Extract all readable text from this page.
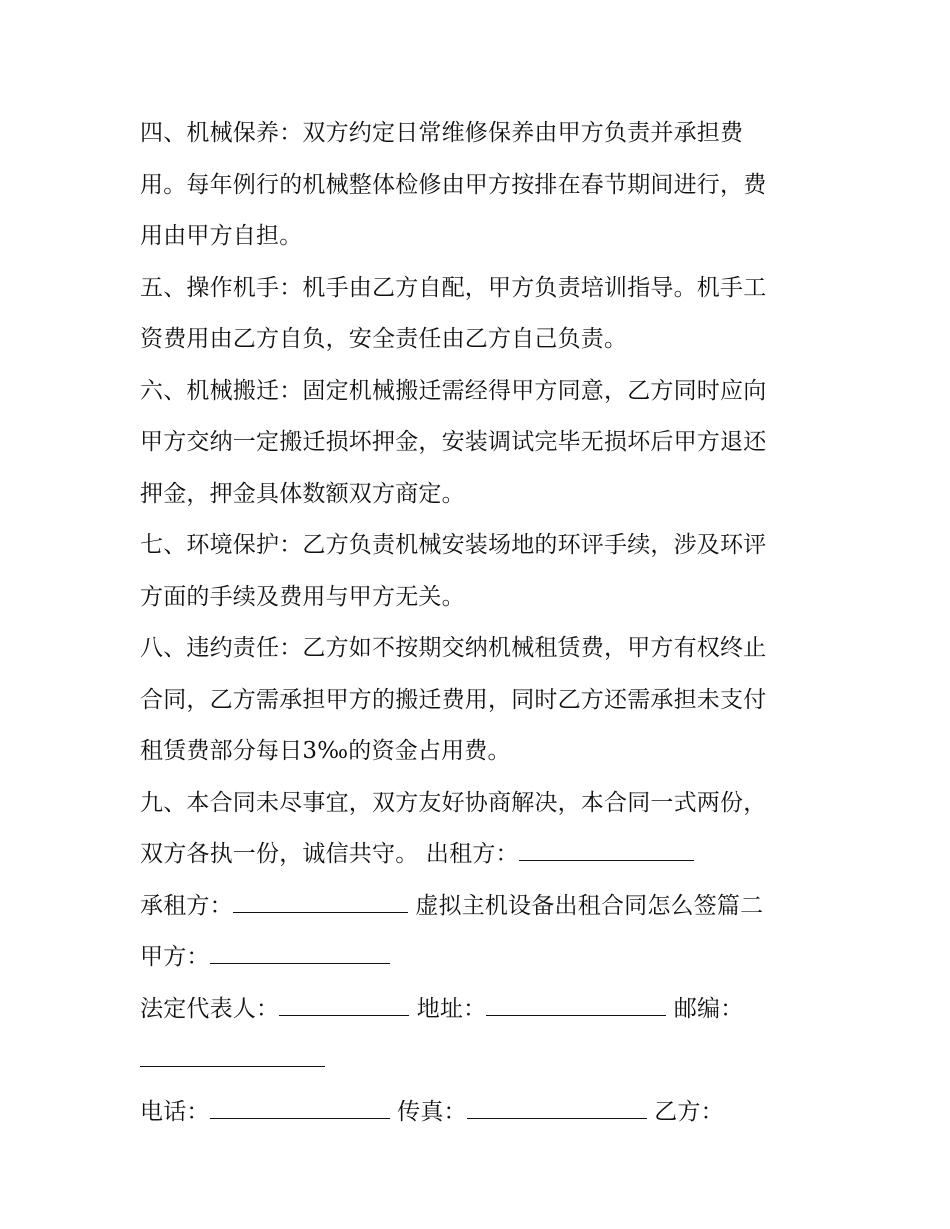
四、机械保养：双方约定日常维修保养由甲方负责并承担费
用。每年例行的机械整体检修由甲方按排在春节期间进行，费
用由甲方自担。
五、操作机手：机手由乙方自配，甲方负责培训指导。机手工
资费用由乙方自负，安全责任由乙方自己负责。
六、机械搬迁：固定机械搬迁需经得甲方同意，乙方同时应向
甲方交纳一定搬迁损坏押金，安装调试完毕无损坏后甲方退还
押金，押金具体数额双方商定。
七、环境保护：乙方负责机械安装场地的环评手续，涉及环评
方面的手续及费用与甲方无关。
八、违约责任：乙方如不按期交纳机械租赁费，甲方有权终止
合同，乙方需承担甲方的搬迁费用，同时乙方还需承担未支付
租赁费部分每日3‰的资金占用费。
九、本合同未尽事宜，双方友好协商解决，本合同一式两份，
双方各执一份，诚信共守。 出租方：
承租方：	虚拟主机设备出租合同怎么签篇二
甲方：
法定代表人：	地址：	邮编：
电话：	传真：	乙方：
